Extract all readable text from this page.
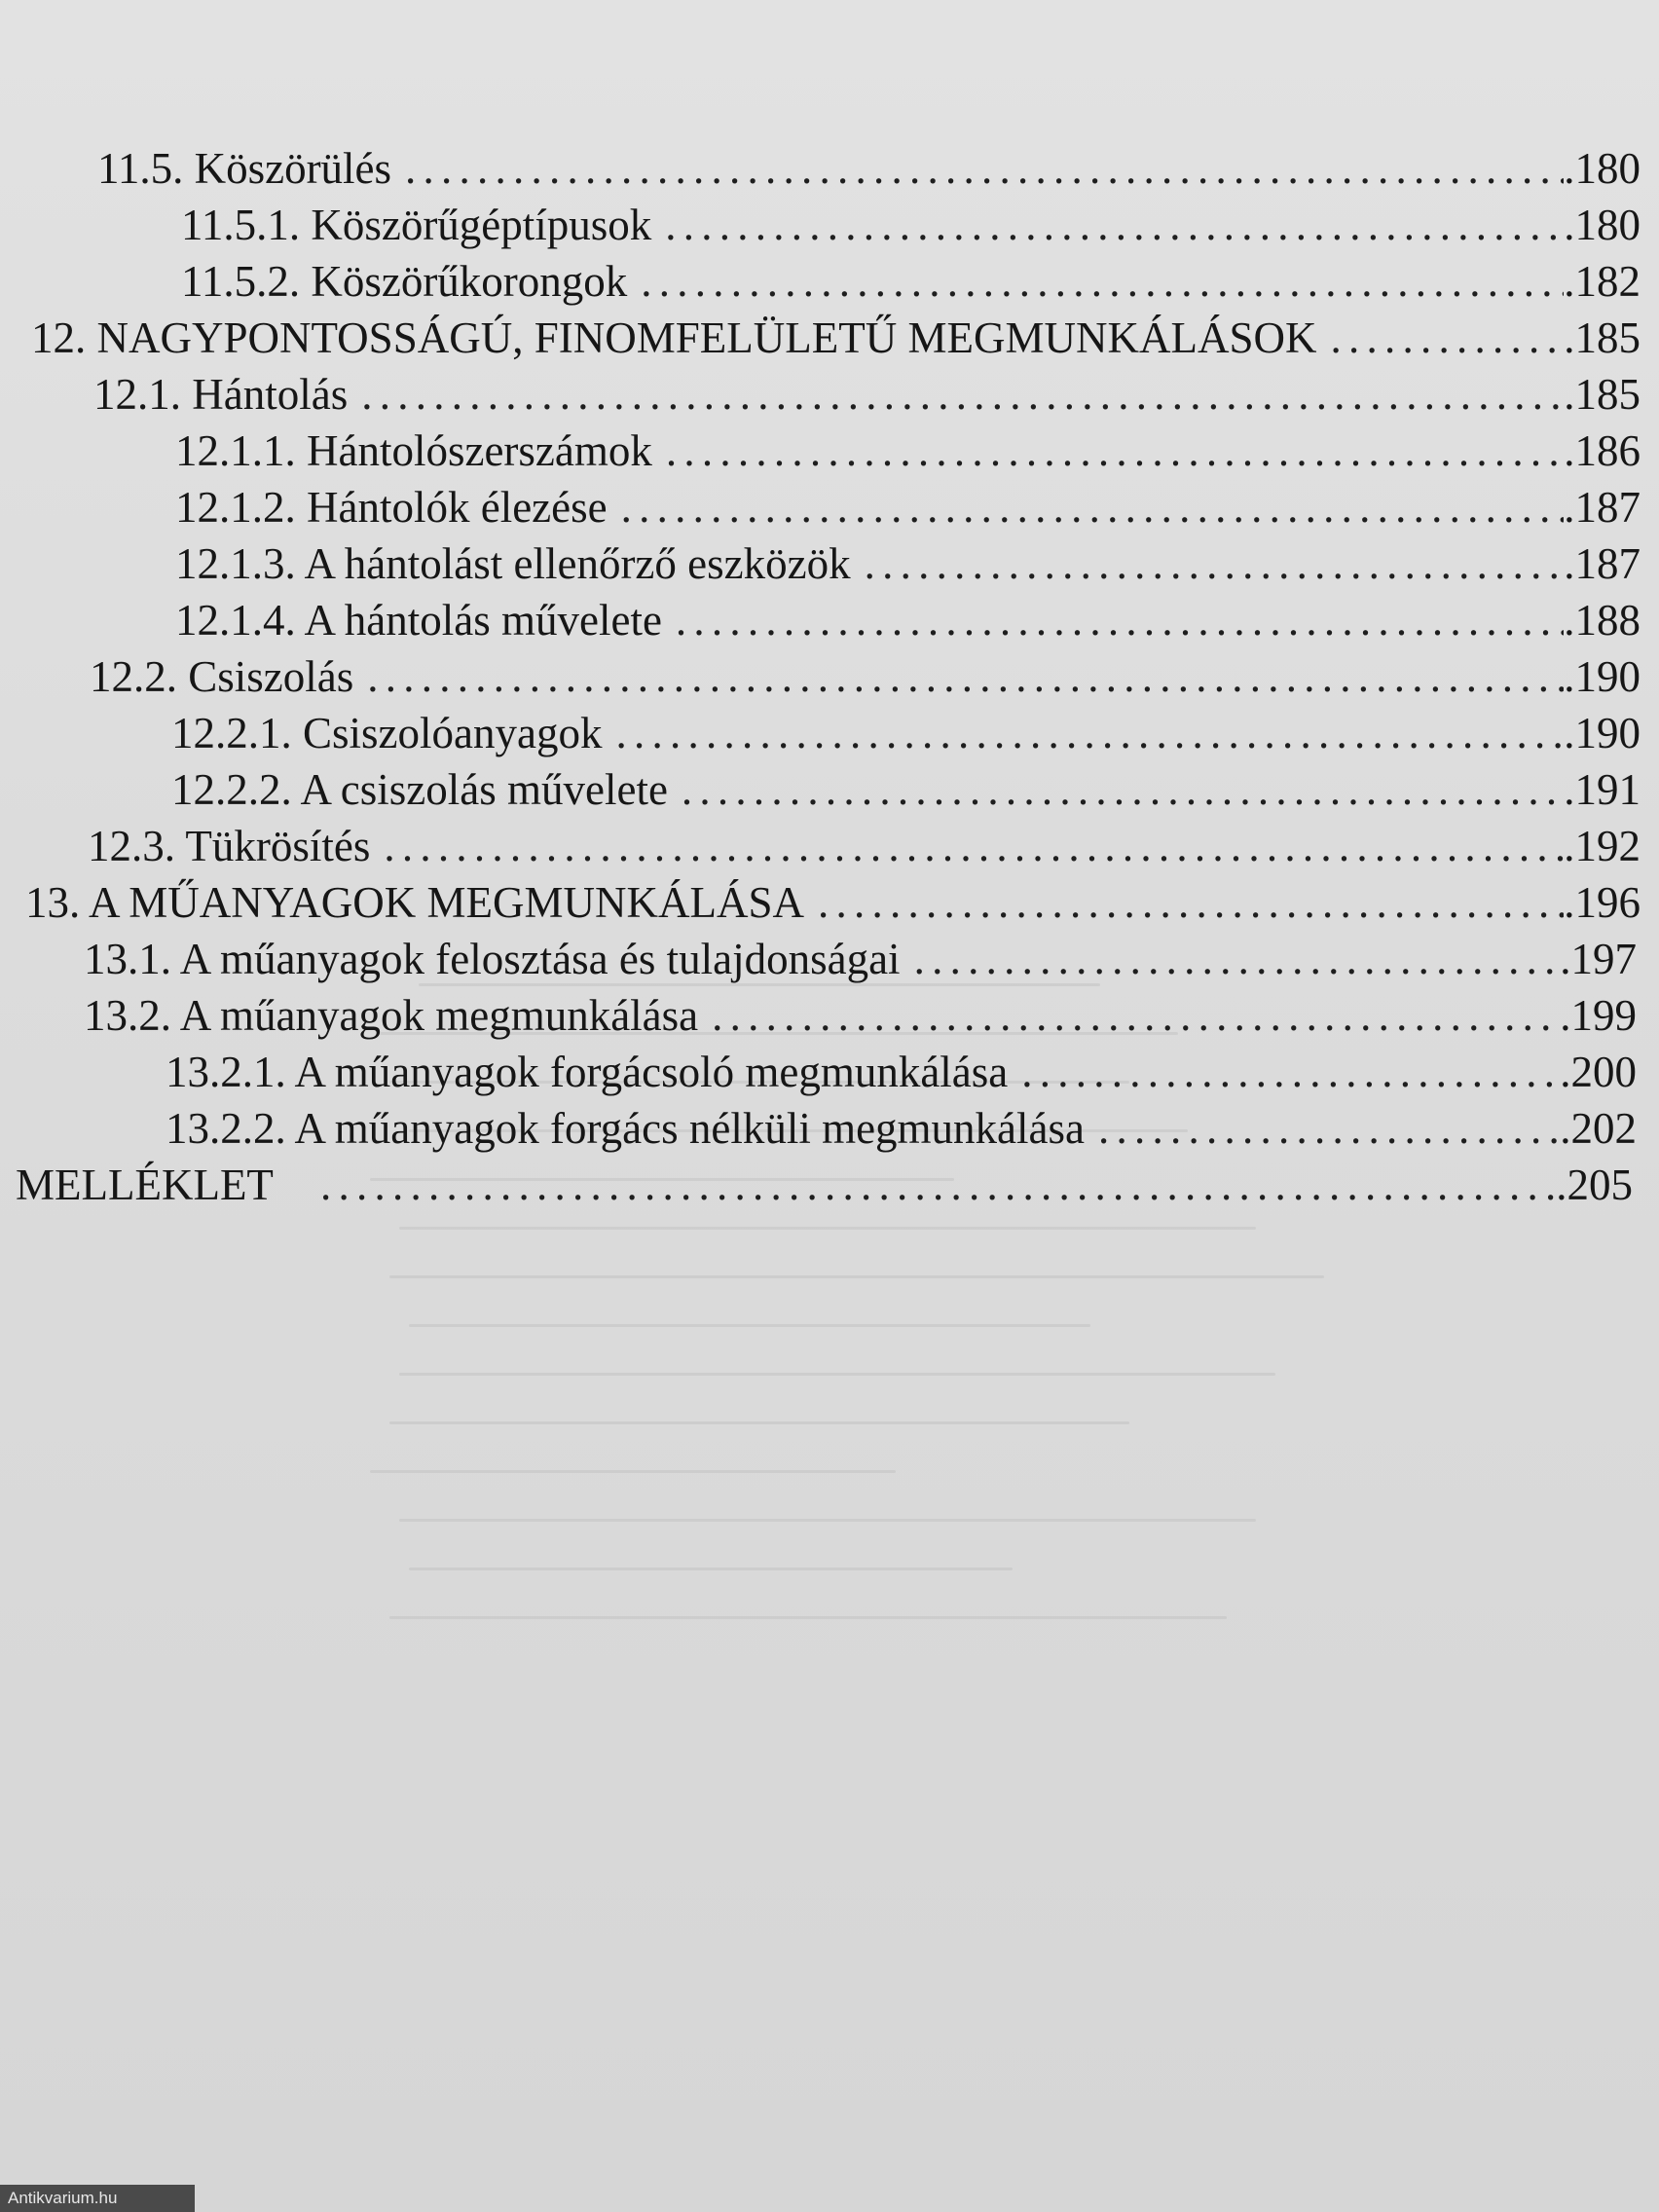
11.5. Köszörülés . . .	.180
11.5.1. Köszörűgéptípusok . . .	.180
11.5.2. Köszörűkorongok . . .	.182
12. NAGYPONTOSSÁGÚ, FINOMFELÜLETŰ MEGMUNKÁLÁSOK . . .	.185
12.1. Hántolás . . .	.185
12.1.1. Hántolószerszámok . . .	.186
12.1.2. Hántolók élezése . . .	.187
12.1.3. A hántolást ellenőrző eszközök . . .	.187
12.1.4. A hántolás művelete . . .	.188
12.2. Csiszolás . . .	.190
12.2.1. Csiszolóanyagok . . .	.190
12.2.2. A csiszolás művelete . . .	.191
12.3. Tükrösítés . . .	.192
13. A MŰANYAGOK MEGMUNKÁLÁSA . . .	.196
13.1. A műanyagok felosztása és tulajdonságai . . .	.197
13.2. A műanyagok megmunkálása . . .	.199
13.2.1. A műanyagok forgácsoló megmunkálása . . .	.200
13.2.2. A műanyagok forgács nélküli megmunkálása . . .	.202
MELLÉKLET . . .	.205
Antikvarium.hu
